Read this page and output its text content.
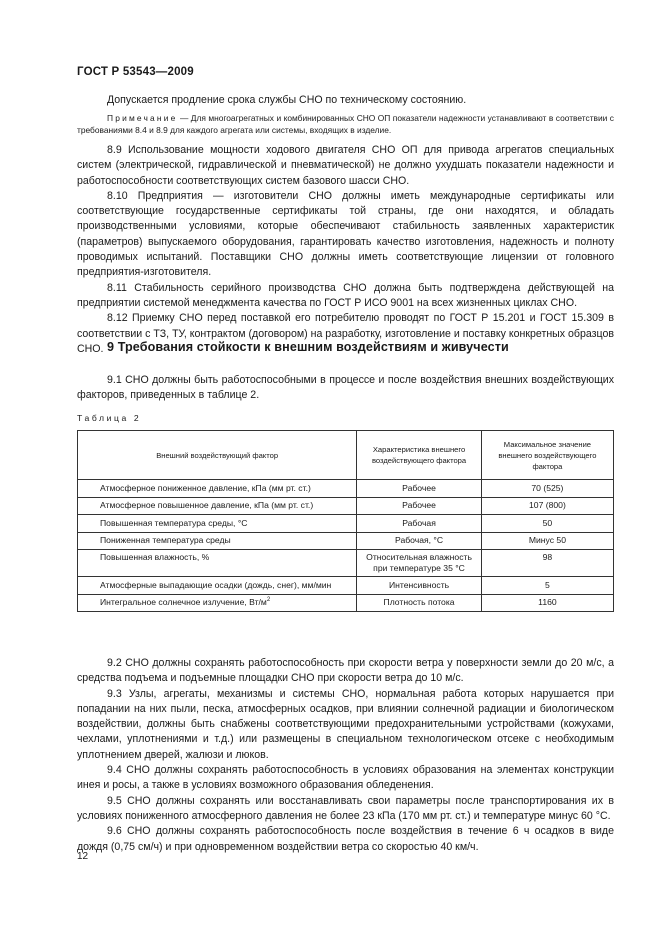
ГОСТ Р 53543—2009

Допускается продление срока службы СНО по техническому состоянию.

Примечание — Для многоагрегатных и комбинированных СНО ОП показатели надежности устанавливают в соответствии с требованиями 8.4 и 8.9 для каждого агрегата или системы, входящих в изделие.

8.9 Использование мощности ходового двигателя СНО ОП для привода агрегатов специальных систем (электрической, гидравлической и пневматической) не должно ухудшать показатели надежности и работоспособности соответствующих систем базового шасси СНО.

8.10 Предприятия — изготовители СНО должны иметь международные сертификаты или соответствующие государственные сертификаты той страны, где они находятся, и обладать производственными условиями, которые обеспечивают стабильность заявленных характеристик (параметров) выпускаемого оборудования, гарантировать качество изготовления, надежность и полноту проводимых испытаний. Поставщики СНО должны иметь соответствующие лицензии от головного предприятия-изготовителя.

8.11 Стабильность серийного производства СНО должна быть подтверждена действующей на предприятии системой менеджмента качества по ГОСТ Р ИСО 9001 на всех жизненных циклах СНО.

8.12 Приемку СНО перед поставкой его потребителю проводят по ГОСТ Р 15.201 и ГОСТ 15.309 в соответствии с ТЗ, ТУ, контрактом (договором) на разработку, изготовление и поставку конкретных образцов СНО. 9 Требования стойкости к внешним воздействиям и живучести

9.1 СНО должны быть работоспособными в процессе и после воздействия внешних воздействующих факторов, приведенных в таблице 2.

Таблица 2
Внешний воздействующий фактор	Характеристика внешнего воздействующего фактора	Максимальное значение внешнего воздействующего фактора
Атмосферное пониженное давление, кПа (мм рт. ст.)	Рабочее	70 (525)
Атмосферное повышенное давление, кПа (мм рт. ст.)	Рабочее	107 (800)
Повышенная температура среды, °С	Рабочая	50
Пониженная температура среды	Рабочая, °С	Минус 50
Повышенная влажность, %	Относительная влажность при температуре 35 °С	98
Атмосферные выпадающие осадки (дождь, снег), мм/мин	Интенсивность	5
Интегральное солнечное излучение, $Вт/м^2$	Плотность потока	1160

9.2 СНО должны сохранять работоспособность при скорости ветра у поверхности земли до 20 м/с, а средства подъема и подъемные площадки СНО при скорости ветра до 10 м/с.

9.3 Узлы, агрегаты, механизмы и системы СНО, нормальная работа которых нарушается при попадании на них пыли, песка, атмосферных осадков, при влиянии солнечной радиации и биологическом воздействии, должны быть снабжены соответствующими предохранительными устройствами (кожухами, чехлами, уплотнениями и т.д.) или размещены в специальном технологическом отсеке с необходимым уплотнением дверей, жалюзи и люков.

9.4 СНО должны сохранять работоспособность в условиях образования на элементах конструкции инея и росы, а также в условиях возможного образования обледенения.

9.5 СНО должны сохранять или восстанавливать свои параметры после транспортирования их в условиях пониженного атмосферного давления не более 23 кПа (170 мм рт. ст.) и температуре минус 60 °С.

9.6 СНО должны сохранять работоспособность после воздействия в течение 6 ч осадков в виде дождя (0,75 см/ч) и при одновременном воздействии ветра со скоростью 40 км/ч.

12
